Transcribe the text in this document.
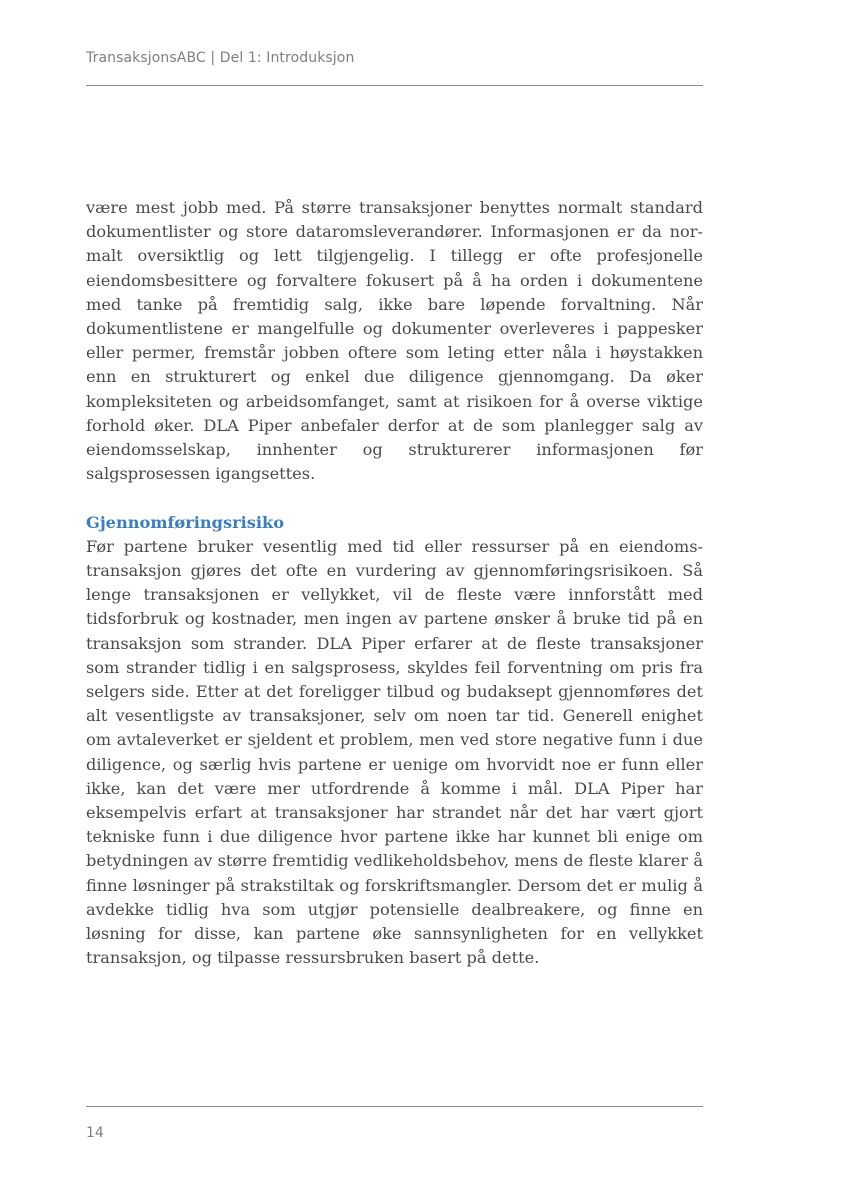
TransaksjonsABC | Del 1: Introduksjon

være mest jobb med. På større transaksjoner benyttes normalt standard dokumentlister og store dataromsleverandører. Informasjonen er da normalt oversiktlig og lett tilgjengelig. I tillegg er ofte profesjonelle eiendomsbesittere og forvaltere fokusert på å ha orden i dokumentene med tanke på fremtidig salg, ikke bare løpende forvaltning. Når dokumentlistene er mangelfulle og dokumenter overleveres i pappesker eller permer, fremstår jobben oftere som leting etter nåla i høystakken enn en strukturert og enkel due diligence gjennomgang. Da øker kompleksiteten og arbeidsomfanget, samt at risikoen for å overse viktige forhold øker. DLA Piper anbefaler derfor at de som planlegger salg av eiendomsselskap, innhenter og strukturerer informasjonen før salgsprosessen igangsettes.

Gjennomføringsrisiko

Før partene bruker vesentlig med tid eller ressurser på en eiendomstransaksjon gjøres det ofte en vurdering av gjennomføringsrisikoen. Så lenge transaksjonen er vellykket, vil de fleste være innforstått med tidsforbruk og kostnader, men ingen av partene ønsker å bruke tid på en transaksjon som strander. DLA Piper erfarer at de fleste transaksjoner som strander tidlig i en salgsprosess, skyldes feil forventning om pris fra selgers side. Etter at det foreligger tilbud og budaksept gjennomføres det alt vesentligste av transaksjoner, selv om noen tar tid. Generell enighet om avtaleverket er sjeldent et problem, men ved store negative funn i due diligence, og særlig hvis partene er uenige om hvorvidt noe er funn eller ikke, kan det være mer utfordrende å komme i mål. DLA Piper har eksempelvis erfart at transaksjoner har strandet når det har vært gjort tekniske funn i due diligence hvor partene ikke har kunnet bli enige om betydningen av større fremtidig vedlikeholdsbehov, mens de fleste klarer å finne løsninger på strakstiltak og forskriftsmangler. Dersom det er mulig å avdekke tidlig hva som utgjør potensielle dealbreakere, og finne en løsning for disse, kan partene øke sannsynligheten for en vellykket transaksjon, og tilpasse ressursbruken basert på dette.

14
